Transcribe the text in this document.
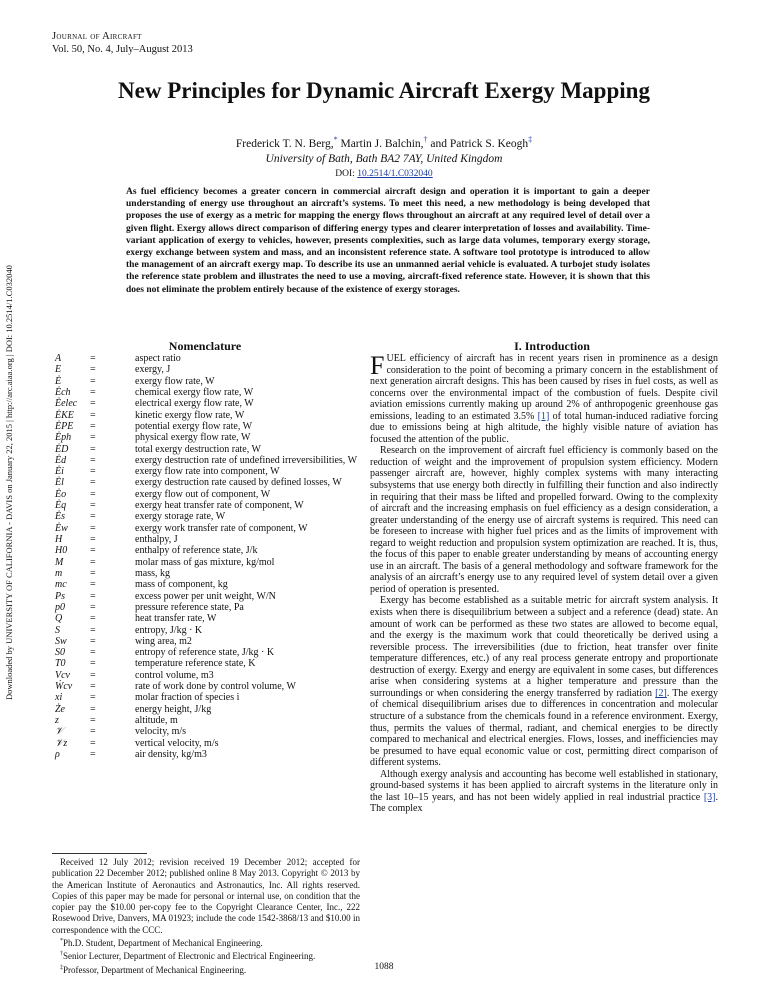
Journal of Aircraft
Vol. 50, No. 4, July–August 2013
Downloaded by UNIVERSITY OF CALIFORNIA - DAVIS on January 22, 2015 | http://arc.aiaa.org | DOI: 10.2514/1.C032040
New Principles for Dynamic Aircraft Exergy Mapping
Frederick T. N. Berg,* Martin J. Balchin,† and Patrick S. Keogh‡
University of Bath, Bath BA2 7AY, United Kingdom
DOI: 10.2514/1.C032040
As fuel efficiency becomes a greater concern in commercial aircraft design and operation it is important to gain a deeper understanding of energy use throughout an aircraft’s systems. To meet this need, a new methodology is being developed that proposes the use of exergy as a metric for mapping the energy flows throughout an aircraft at any required level of detail over a given flight. Exergy allows direct comparison of differing energy types and clearer interpretation of losses and availability. Time-variant application of exergy to vehicles, however, presents complexities, such as large data volumes, temporary exergy storage, exergy exchange between system and mass, and an inconsistent reference state. A software tool prototype is introduced to allow the management of an aircraft exergy map. To describe its use an unmanned aerial vehicle is evaluated. A turbojet study isolates the reference state problem and illustrates the need to use a moving, aircraft-fixed reference state. However, it is shown that this does not eliminate the problem entirely because of the existence of exergy storages.
Nomenclature
A	=	aspect ratio
E	=	exergy, J
Ė	=	exergy flow rate, W
Ėch	=	chemical exergy flow rate, W
Ėelec	=	electrical exergy flow rate, W
ĖKE	=	kinetic exergy flow rate, W
ĖPE	=	potential exergy flow rate, W
Ėph	=	physical exergy flow rate, W
ĖD	=	total exergy destruction rate, W
Ėd	=	exergy destruction rate of undefined irreversibilities, W
Ėi	=	exergy flow rate into component, W
Ėl	=	exergy destruction rate caused by defined losses, W
Ėo	=	exergy flow out of component, W
Ėq	=	exergy heat transfer rate of component, W
Ės	=	exergy storage rate, W
Ėw	=	exergy work transfer rate of component, W
H	=	enthalpy, J
H0	=	enthalpy of reference state, J/k
M	=	molar mass of gas mixture, kg/mol
m	=	mass, kg
mc	=	mass of component, kg
Ps	=	excess power per unit weight, W/N
p0	=	pressure reference state, Pa
Q	=	heat transfer rate, W
S	=	entropy, J/kg · K
Sw	=	wing area, m2
S0	=	entropy of reference state, J/kg · K
T0	=	temperature reference state, K
Vcv	=	control volume, m3
Ẇcv	=	rate of work done by control volume, W
xi	=	molar fraction of species i
Że	=	energy height, J/kg
z	=	altitude, m
𝒱	=	velocity, m/s
𝒱z	=	vertical velocity, m/s
ρ	=	air density, kg/m3
I. Introduction

FUEL efficiency of aircraft has in recent years risen in prominence as a design consideration to the point of becoming a primary concern in the establishment of next generation aircraft designs. This has been caused by rises in fuel costs, as well as concerns over the environmental impact of the combustion of fuels. Despite civil aviation emissions currently making up around 2% of anthropogenic greenhouse gas emissions, leading to an estimated 3.5% [1] of total human-induced radiative forcing due to emissions being at high altitude, the highly visible nature of aviation has focused the attention of the public.

Research on the improvement of aircraft fuel efficiency is commonly based on the reduction of weight and the improvement of propulsion system efficiency. Modern passenger aircraft are, however, highly complex systems with many interacting subsystems that use energy both directly in fulfilling their function and also indirectly in requiring that their mass be lifted and propelled forward. Owing to the complexity of aircraft and the increasing emphasis on fuel efficiency as a design consideration, a greater understanding of the energy use of aircraft systems is required. This need can be foreseen to increase with higher fuel prices and as the limits of improvement with regard to weight reduction and propulsion system optimization are reached. It is, thus, the focus of this paper to enable greater understanding by means of accounting energy use in an aircraft. The basis of a general methodology and software framework for the analysis of an aircraft’s energy use to any required level of system detail over a given period of operation is presented.

Exergy has become established as a suitable metric for aircraft system analysis. It exists when there is disequilibrium between a subject and a reference (dead) state. An amount of work can be performed as these two states are allowed to become equal, and the exergy is the maximum work that could theoretically be derived using a reversible process. The irreversibilities (due to friction, heat transfer over finite temperature differences, etc.) of any real process generate entropy and proportionate destruction of exergy. Exergy and energy are equivalent in some cases, but differences arise when considering systems at a higher temperature and pressure than the surroundings or when considering the energy transferred by radiation [2]. The exergy of chemical disequilibrium arises due to differences in concentration and molecular structure of a substance from the chemicals found in a reference environment. Exergy, thus, permits the values of thermal, radiant, and chemical energies to be directly compared to mechanical and electrical energies. Flows, losses, and inefficiencies may be presumed to have equal economic value or cost, permitting direct comparison of different systems.

Although exergy analysis and accounting has become well established in stationary, ground-based systems it has been applied to aircraft systems in the literature only in the last 10–15 years, and has not been widely applied in real industrial practice [3]. The complex

Received 12 July 2012; revision received 19 December 2012; accepted for publication 22 December 2012; published online 8 May 2013. Copyright © 2013 by the American Institute of Aeronautics and Astronautics, Inc. All rights reserved. Copies of this paper may be made for personal or internal use, on condition that the copier pay the $10.00 per-copy fee to the Copyright Clearance Center, Inc., 222 Rosewood Drive, Danvers, MA 01923; include the code 1542-3868/13 and $10.00 in correspondence with the CCC.

*Ph.D. Student, Department of Mechanical Engineering.

†Senior Lecturer, Department of Electronic and Electrical Engineering.

‡Professor, Department of Mechanical Engineering.	1088
